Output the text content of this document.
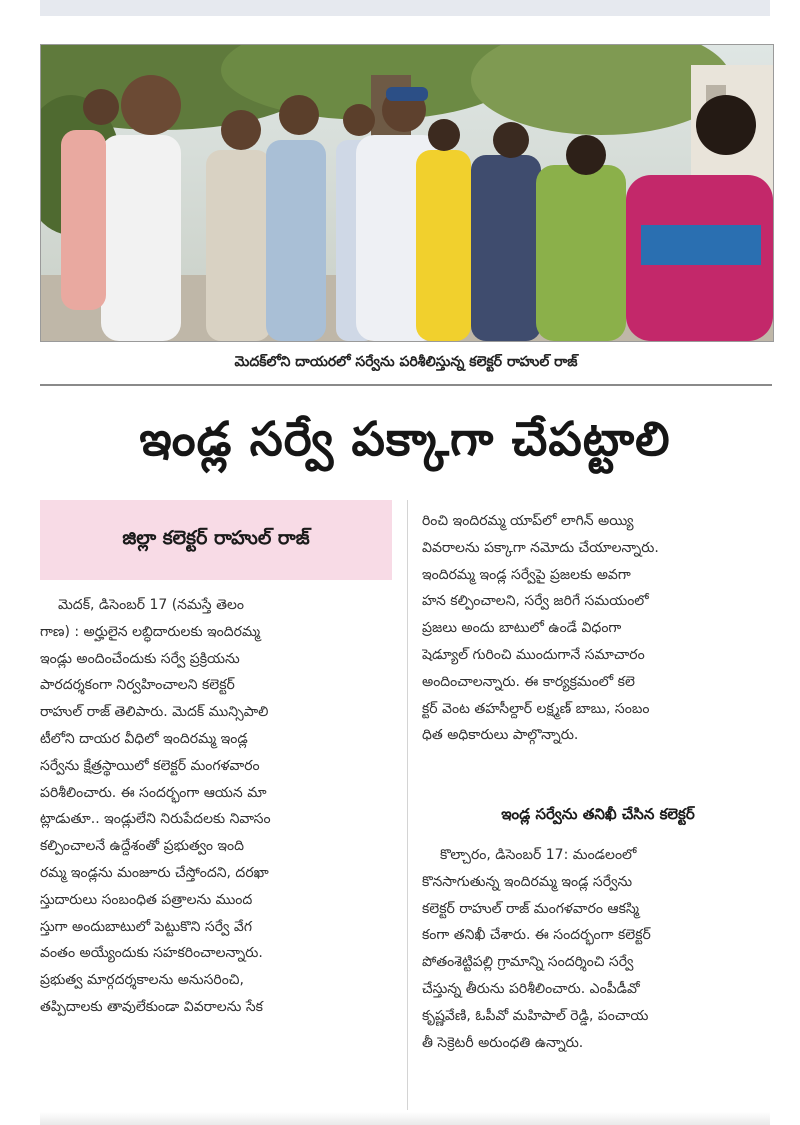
మెదక్‌లోని దాయరలో సర్వేను పరిశీలిస్తున్న కలెక్టర్‌ రాహుల్‌ రాజ్‌
ఇండ్ల సర్వే పక్కాగా చేపట్టాలి
జిల్లా కలెక్టర్‌ రాహుల్‌ రాజ్‌
మెదక్‌, డిసెంబర్‌ 17 (నమస్తే తెలం
గాణ) : అర్హులైన లబ్ధిదారులకు ఇందిరమ్మ
ఇండ్లు అందించేందుకు సర్వే ప్రక్రియను
పారదర్శకంగా నిర్వహించాలని కలెక్టర్‌
రాహుల్‌ రాజ్‌ తెలిపారు. మెదక్‌ మున్సిపాలి
టీలోని దాయర వీధిలో ఇందిరమ్మ ఇండ్ల
సర్వేను క్షేత్రస్థాయిలో కలెక్టర్‌ మంగళవారం
పరిశీలించారు. ఈ సందర్భంగా ఆయన మా
ట్లాడుతూ.. ఇండ్లులేని నిరుపేదలకు నివాసం
కల్పించాలనే ఉద్దేశంతో ప్రభుత్వం ఇంది
రమ్మ ఇండ్లను మంజూరు చేస్తోందని, దరఖా
స్తుదారులు సంబంధిత పత్రాలను ముంద
స్తుగా అందుబాటులో పెట్టుకొని సర్వే వేగ
వంతం అయ్యేందుకు సహకరించాలన్నారు.
ప్రభుత్వ మార్గదర్శకాలను అనుసరించి,
తప్పిదాలకు తావులేకుండా వివరాలను సేక
రించి ఇందిరమ్మ యాప్‌లో లాగిన్‌ అయ్యి
వివరాలను పక్కాగా నమోదు చేయాలన్నారు.
ఇందిరమ్మ ఇండ్ల సర్వేపై ప్రజలకు అవగా
హన కల్పించాలని, సర్వే జరిగే సమయంలో
ప్రజలు అందు బాటులో ఉండే విధంగా
షెడ్యూల్‌ గురించి ముందుగానే సమాచారం
అందించాలన్నారు. ఈ కార్యక్రమంలో కలె
క్టర్‌ వెంట తహసీల్దార్‌ లక్ష్మణ్‌ బాబు, సంబం
ధిత అధికారులు పాల్గొన్నారు.
ఇండ్ల సర్వేను తనిఖీ చేసిన కలెక్టర్‌
కొల్చారం, డిసెంబర్‌ 17: మండలంలో
కొనసాగుతున్న ఇందిరమ్మ ఇండ్ల సర్వేను
కలెక్టర్‌ రాహుల్‌ రాజ్‌ మంగళవారం ఆకస్మి
కంగా తనిఖీ చేశారు. ఈ సందర్భంగా కలెక్టర్‌
పోతంశెట్టిపల్లి గ్రామాన్ని సందర్శించి సర్వే
చేస్తున్న తీరును పరిశీలించారు. ఎంపీడీవో
కృష్ణవేణి, ఓపీవో మహిపాల్‌ రెడ్డి, పంచాయ
తీ సెక్రెటరీ అరుంధతి ఉన్నారు.
